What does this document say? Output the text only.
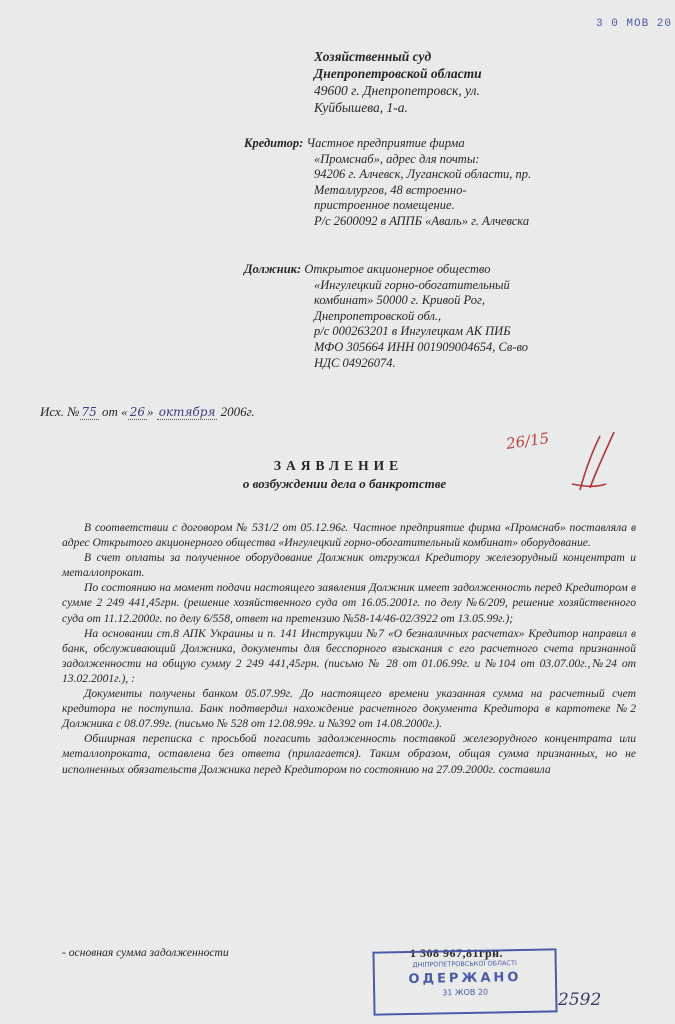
3 0 MOB 20
Хозяйственный суд
Днепропетровской области
49600 г. Днепропетровск, ул.
Куйбышева, 1-а.
Кредитор: Частное предприятие фирма
«Промснаб», адрес для почты:
94206 г. Алчевск, Луганской области, пр.
Металлургов, 48 встроенно-
пристроенное помещение.
Р/с 2600092 в АППБ «Аваль» г. Алчевска
Должник: Открытое акционерное общество
«Ингулецкий горно-обогатительный
комбинат» 50000 г. Кривой Рог,
Днепропетровской обл.,
р/с 000263201 в Ингулецкам АК ПИБ
МФО 305664 ИНН 001909004654, Св-во
НДС 04926074.
Исх. № 75 от « 26 » октября 2006г.
26/15
ЗАЯВЛЕНИЕ
о возбуждении дела о банкротстве

В соответствии с договором № 531/2 от 05.12.96г. Частное предприятие фирма «Промснаб» поставляла в адрес Открытого акционерного общества «Ингулецкий горно-обогатительный комбинат» оборудование.

В счет оплаты за полученное оборудование Должник отгружал Кредитору железорудный концентрат и металлопрокат.

По состоянию на момент подачи настоящего заявления Должник имеет задолженность перед Кредитором в сумме 2 249 441,45грн. (решение хозяйственного суда от 16.05.2001г. по делу №6/209, решение хозяйственного суда от 11.12.2000г. по делу 6/558, ответ на претензию №58-14/46-02/3922 от 13.05.99г.);

На основании ст.8 АПК Украины и п. 141 Инструкции №7 «О безналичных расчетах» Кредитор направил в банк, обслуживающий Должника, документы для бесспорного взыскания с его расчетного счета признанной задолженности на общую сумму 2 249 441,45грн. (письмо № 28 от 01.06.99г. и №104 от 03.07.00г.,№24 от 13.02.2001г.), :

Документы получены банком 05.07.99г. До настоящего времени указанная сумма на расчетный счет кредитора не поступила. Банк подтвердил нахождение расчетного документа Кредитора в картотеке №2 Должника с 08.07.99г. (письмо № 528 от 12.08.99г. и №392 от 14.08.2000г.).

Обширная переписка с просьбой погасить задолженность поставкой железорудного концентрата или металлопроката, оставлена без ответа (прилагается). Таким образом, общая сумма признанных, но не исполненных обязательств Должника перед Кредитором по состоянию на 27.09.2000г. составила

- основная сумма задолженности	1 308 967,81грн.
ДНІПРОПЕТРОВСЬКОЇ ОБЛАСТІ
ОДЕРЖАНО
31 ЖОВ 20	2592
